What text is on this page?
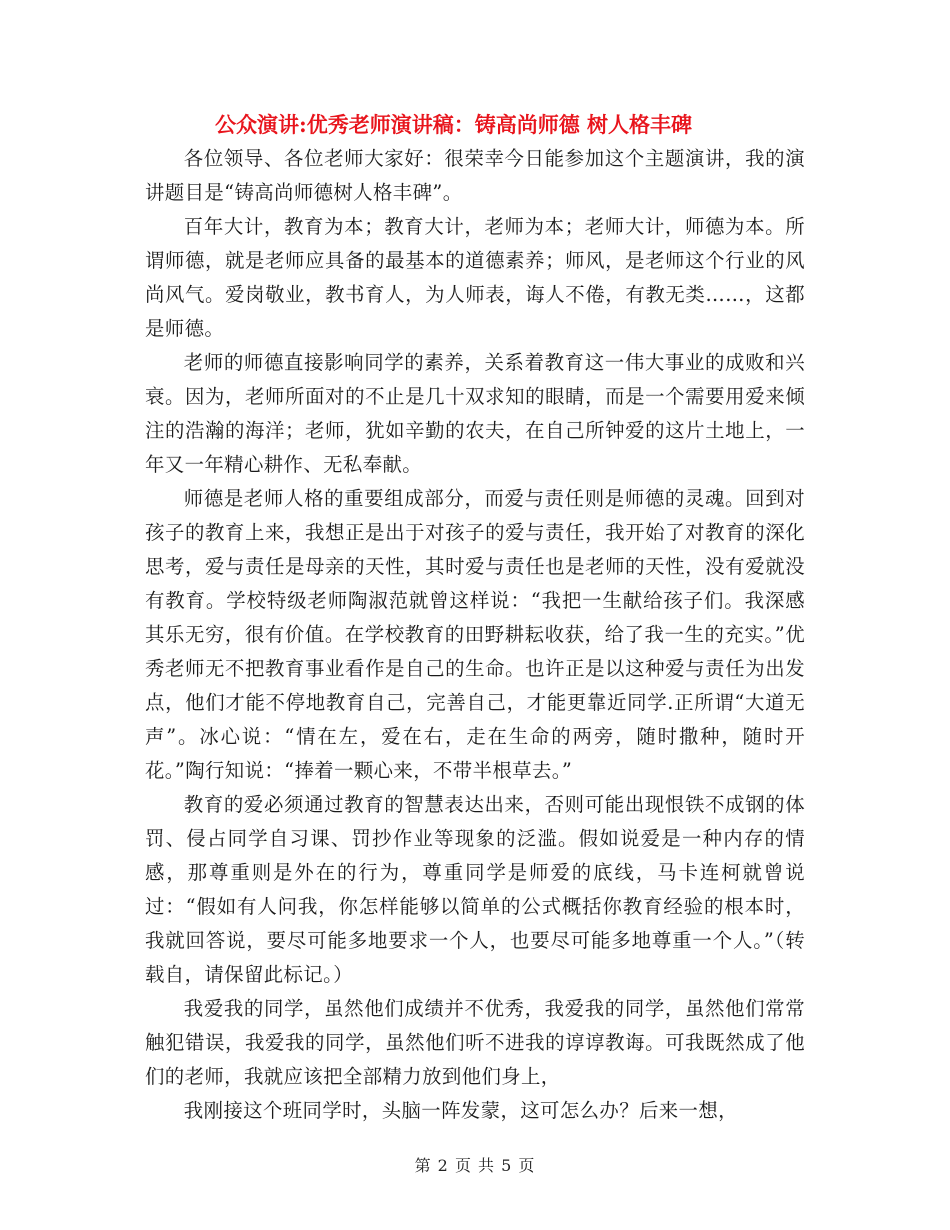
公众演讲:优秀老师演讲稿：铸高尚师德 树人格丰碑

各位领导、各位老师大家好：很荣幸今日能参加这个主题演讲，我的演讲题目是“铸高尚师德树人格丰碑”。

百年大计，教育为本；教育大计，老师为本；老师大计，师德为本。所谓师德，就是老师应具备的最基本的道德素养；师风，是老师这个行业的风尚风气。爱岗敬业，教书育人，为人师表，诲人不倦，有教无类……，这都是师德。

老师的师德直接影响同学的素养，关系着教育这一伟大事业的成败和兴衰。因为，老师所面对的不止是几十双求知的眼睛，而是一个需要用爱来倾注的浩瀚的海洋；老师，犹如辛勤的农夫，在自己所钟爱的这片土地上，一年又一年精心耕作、无私奉献。

师德是老师人格的重要组成部分，而爱与责任则是师德的灵魂。回到对孩子的教育上来，我想正是出于对孩子的爱与责任，我开始了对教育的深化思考，爱与责任是母亲的天性，其时爱与责任也是老师的天性，没有爱就没有教育。学校特级老师陶淑范就曾这样说：“我把一生献给孩子们。我深感其乐无穷，很有价值。在学校教育的田野耕耘收获，给了我一生的充实。”优秀老师无不把教育事业看作是自己的生命。也许正是以这种爱与责任为出发点，他们才能不停地教育自己，完善自己，才能更靠近同学.正所谓“大道无声”。冰心说：“情在左，爱在右，走在生命的两旁，随时撒种，随时开花。”陶行知说：“捧着一颗心来，不带半根草去。”

教育的爱必须通过教育的智慧表达出来，否则可能出现恨铁不成钢的体罚、侵占同学自习课、罚抄作业等现象的泛滥。假如说爱是一种内存的情感，那尊重则是外在的行为，尊重同学是师爱的底线，马卡连柯就曾说过：“假如有人问我，你怎样能够以简单的公式概括你教育经验的根本时，我就回答说，要尽可能多地要求一个人，也要尽可能多地尊重一个人。”（转载自，请保留此标记。）

我爱我的同学，虽然他们成绩并不优秀，我爱我的同学，虽然他们常常触犯错误，我爱我的同学，虽然他们听不进我的谆谆教诲。可我既然成了他们的老师，我就应该把全部精力放到他们身上，

我刚接这个班同学时，头脑一阵发蒙，这可怎么办？后来一想，

第 2 页 共 5 页
